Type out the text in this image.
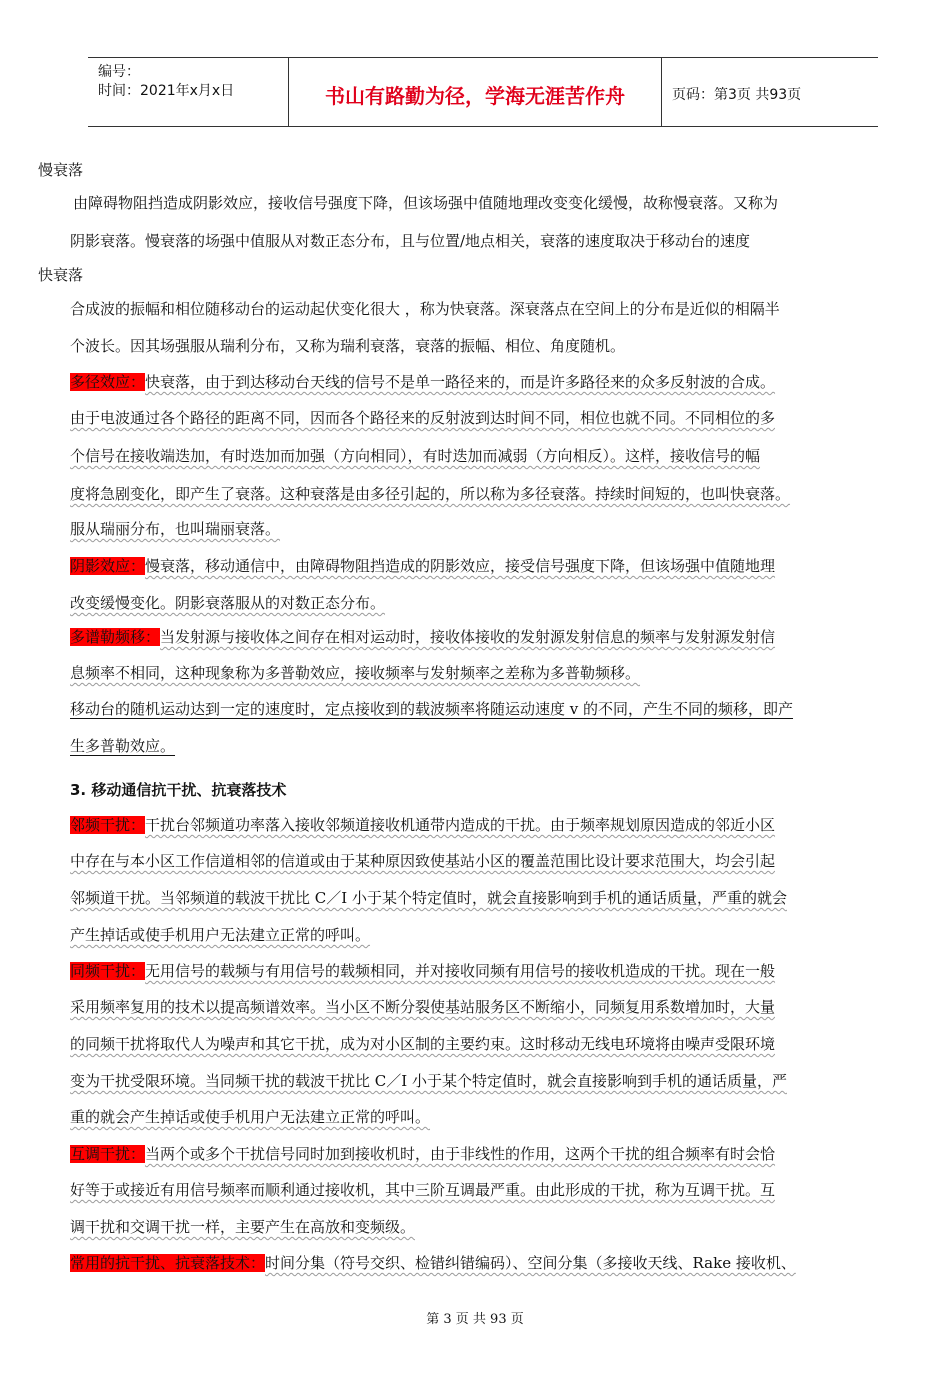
编号：
时间：2021年x月x日	书山有路勤为径，学海无涯苦作舟	页码：第3页 共93页
慢衰落
由障碍物阻挡造成阴影效应，接收信号强度下降，但该场强中值随地理改变变化缓慢，故称慢衰落。又称为
阴影衰落。慢衰落的场强中值服从对数正态分布，且与位置/地点相关，衰落的速度取决于移动台的速度
快衰落
合成波的振幅和相位随移动台的运动起伏变化很大 ，称为快衰落。深衰落点在空间上的分布是近似的相隔半
个波长。因其场强服从瑞利分布，又称为瑞利衰落，衰落的振幅、相位、角度随机。
多径效应：快衰落，由于到达移动台天线的信号不是单一路径来的，而是许多路径来的众多反射波的合成。
由于电波通过各个路径的距离不同，因而各个路径来的反射波到达时间不同，相位也就不同。不同相位的多
个信号在接收端迭加，有时迭加而加强（方向相同），有时迭加而减弱（方向相反）。这样，接收信号的幅
度将急剧变化，即产生了衰落。这种衰落是由多径引起的，所以称为多径衰落。持续时间短的，也叫快衰落。
服从瑞丽分布，也叫瑞丽衰落。
阴影效应：慢衰落，移动通信中，由障碍物阻挡造成的阴影效应，接受信号强度下降，但该场强中值随地理
改变缓慢变化。阴影衰落服从的对数正态分布。
多谱勒频移：当发射源与接收体之间存在相对运动时，接收体接收的发射源发射信息的频率与发射源发射信
息频率不相同，这种现象称为多普勒效应，接收频率与发射频率之差称为多普勒频移。
移动台的随机运动达到一定的速度时，定点接收到的载波频率将随运动速度 v 的不同，产生不同的频移，即产
生多普勒效应。
3. 移动通信抗干扰、抗衰落技术
邻频干扰：干扰台邻频道功率落入接收邻频道接收机通带内造成的干扰。由于频率规划原因造成的邻近小区
中存在与本小区工作信道相邻的信道或由于某种原因致使基站小区的覆盖范围比设计要求范围大，均会引起
邻频道干扰。当邻频道的载波干扰比 C／I 小于某个特定值时，就会直接影响到手机的通话质量，严重的就会
产生掉话或使手机用户无法建立正常的呼叫。
同频干扰：无用信号的载频与有用信号的载频相同，并对接收同频有用信号的接收机造成的干扰。现在一般
采用频率复用的技术以提高频谱效率。当小区不断分裂使基站服务区不断缩小，同频复用系数增加时，大量
的同频干扰将取代人为噪声和其它干扰，成为对小区制的主要约束。这时移动无线电环境将由噪声受限环境
变为干扰受限环境。当同频干扰的载波干扰比 C／I 小于某个特定值时，就会直接影响到手机的通话质量，严
重的就会产生掉话或使手机用户无法建立正常的呼叫。
互调干扰：当两个或多个干扰信号同时加到接收机时，由于非线性的作用，这两个干扰的组合频率有时会恰
好等于或接近有用信号频率而顺利通过接收机，其中三阶互调最严重。由此形成的干扰，称为互调干扰。互
调干扰和交调干扰一样，主要产生在高放和变频级。
常用的抗干扰、抗衰落技术：时间分集（符号交织、检错纠错编码）、空间分集（多接收天线、Rake 接收机、
第 3 页 共 93 页
